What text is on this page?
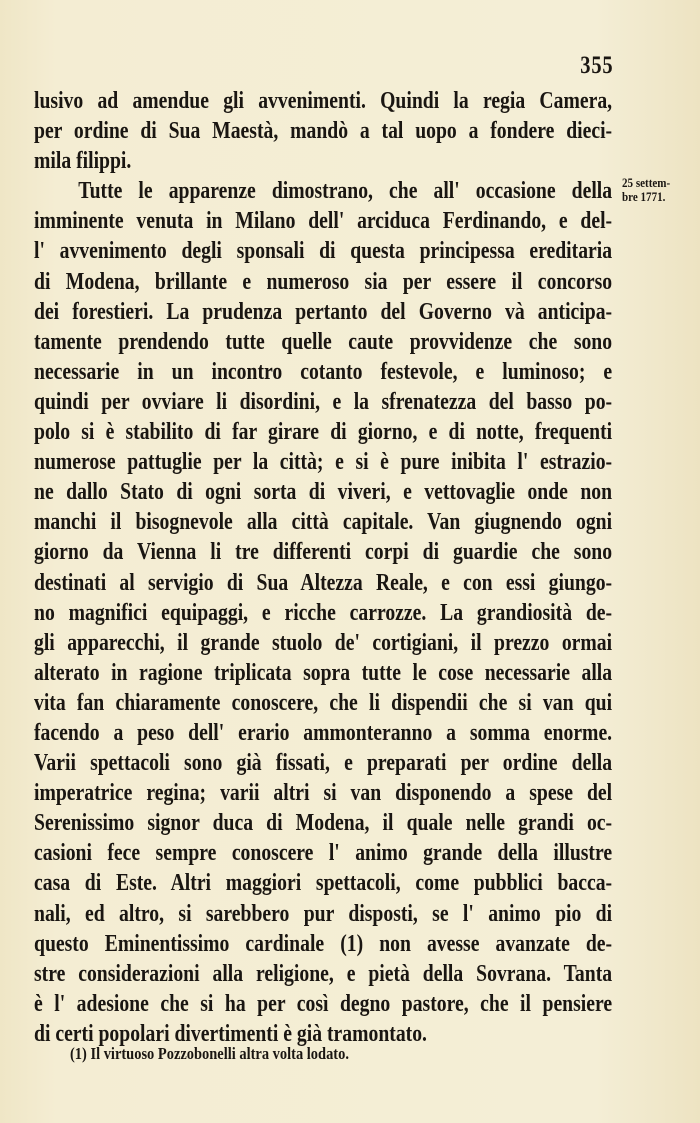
355
lusivo ad amendue gli avvenimenti. Quindi la regia Camera,
per ordine di Sua Maestà, mandò a tal uopo a fondere dieci-
mila filippi.
Tutte le apparenze dimostrano, che all' occasione della
imminente venuta in Milano dell' arciduca Ferdinando, e del-
l' avvenimento degli sponsali di questa principessa ereditaria
di Modena, brillante e numeroso sia per essere il concorso
dei forestieri. La prudenza pertanto del Governo và anticipa-
tamente prendendo tutte quelle caute provvidenze che sono
necessarie in un incontro cotanto festevole, e luminoso; e
quindi per ovviare li disordini, e la sfrenatezza del basso po-
polo si è stabilito di far girare di giorno, e di notte, frequenti
numerose pattuglie per la città; e si è pure inibita l' estrazio-
ne dallo Stato di ogni sorta di viveri, e vettovaglie onde non
manchi il bisognevole alla città capitale. Van giugnendo ogni
giorno da Vienna li tre differenti corpi di guardie che sono
destinati al servigio di Sua Altezza Reale, e con essi giungo-
no magnifici equipaggi, e ricche carrozze. La grandiosità de-
gli apparecchi, il grande stuolo de' cortigiani, il prezzo ormai
alterato in ragione triplicata sopra tutte le cose necessarie alla
vita fan chiaramente conoscere, che li dispendii che si van qui
facendo a peso dell' erario ammonteranno a somma enorme.
Varii spettacoli sono già fissati, e preparati per ordine della
imperatrice regina; varii altri si van disponendo a spese del
Serenissimo signor duca di Modena, il quale nelle grandi oc-
casioni fece sempre conoscere l' animo grande della illustre
casa di Este. Altri maggiori spettacoli, come pubblici bacca-
nali, ed altro, si sarebbero pur disposti, se l' animo pio di
questo Eminentissimo cardinale (1) non avesse avanzate de-
stre considerazioni alla religione, e pietà della Sovrana. Tanta
è l' adesione che si ha per così degno pastore, che il pensiere
di certi popolari divertimenti è già tramontato.
25 settem-
bre 1771.
(1) Il virtuoso Pozzobonelli altra volta lodato.
